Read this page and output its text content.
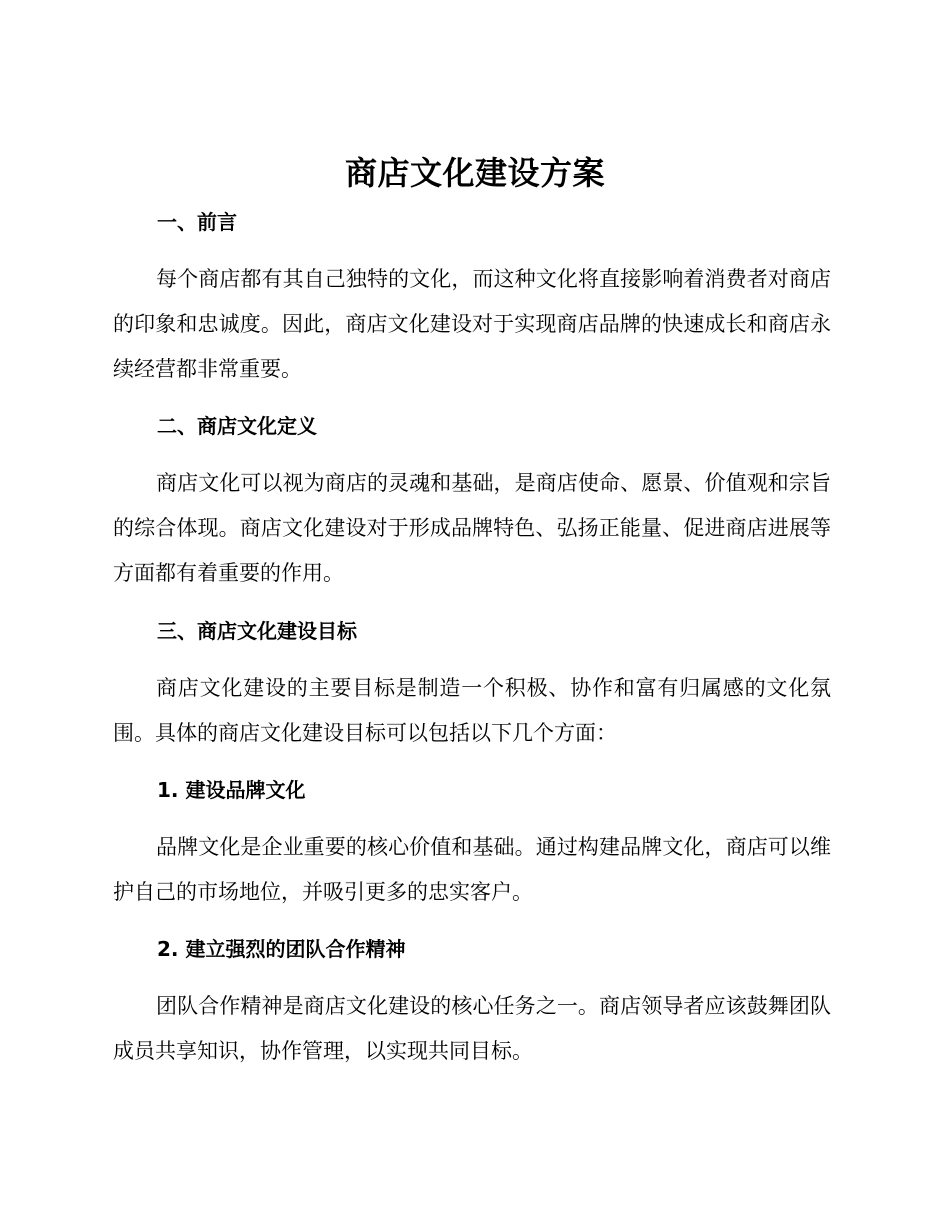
商店文化建设方案
一、前言
每个商店都有其自己独特的文化，而这种文化将直接影响着消费者对商店的印象和忠诚度。因此，商店文化建设对于实现商店品牌的快速成长和商店永续经营都非常重要。
二、商店文化定义
商店文化可以视为商店的灵魂和基础，是商店使命、愿景、价值观和宗旨的综合体现。商店文化建设对于形成品牌特色、弘扬正能量、促进商店进展等方面都有着重要的作用。
三、商店文化建设目标
商店文化建设的主要目标是制造一个积极、协作和富有归属感的文化氛围。具体的商店文化建设目标可以包括以下几个方面：
1. 建设品牌文化
品牌文化是企业重要的核心价值和基础。通过构建品牌文化，商店可以维护自己的市场地位，并吸引更多的忠实客户。
2. 建立强烈的团队合作精神
团队合作精神是商店文化建设的核心任务之一。商店领导者应该鼓舞团队成员共享知识，协作管理，以实现共同目标。
